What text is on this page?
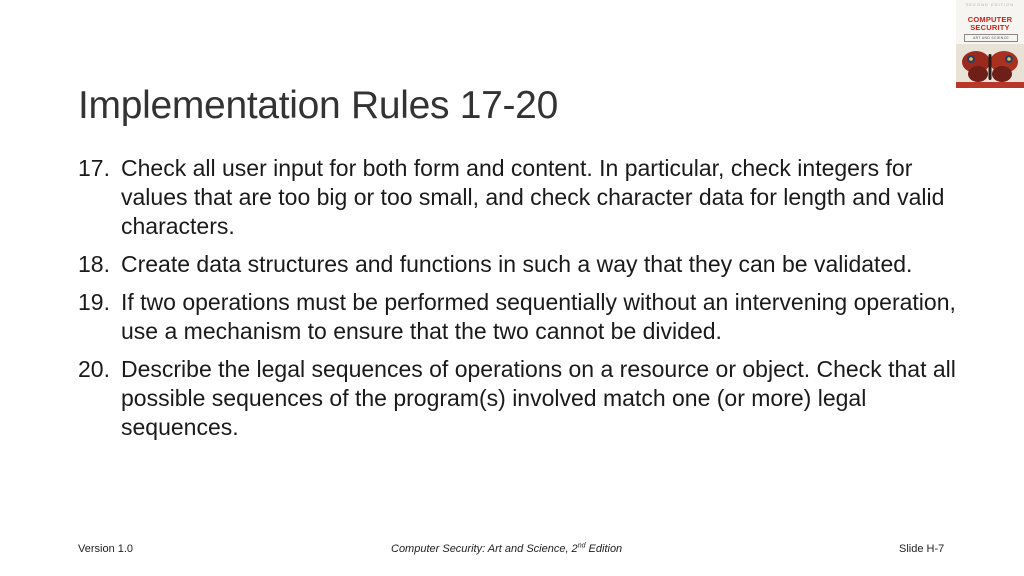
SECOND EDITION
COMPUTER
SECURITY
ART AND SCIENCE
Implementation Rules 17-20
17. Check all user input for both form and content. In particular, check integers for values that are too big or too small, and check character data for length and valid characters.
18. Create data structures and functions in such a way that they can be validated.
19. If two operations must be performed sequentially without an intervening operation, use a mechanism to ensure that the two cannot be divided.
20. Describe the legal sequences of operations on a resource or object. Check that all possible sequences of the program(s) involved match one (or more) legal sequences.
Version 1.0	Computer Security: Art and Science, 2nd Edition	Slide H-7
